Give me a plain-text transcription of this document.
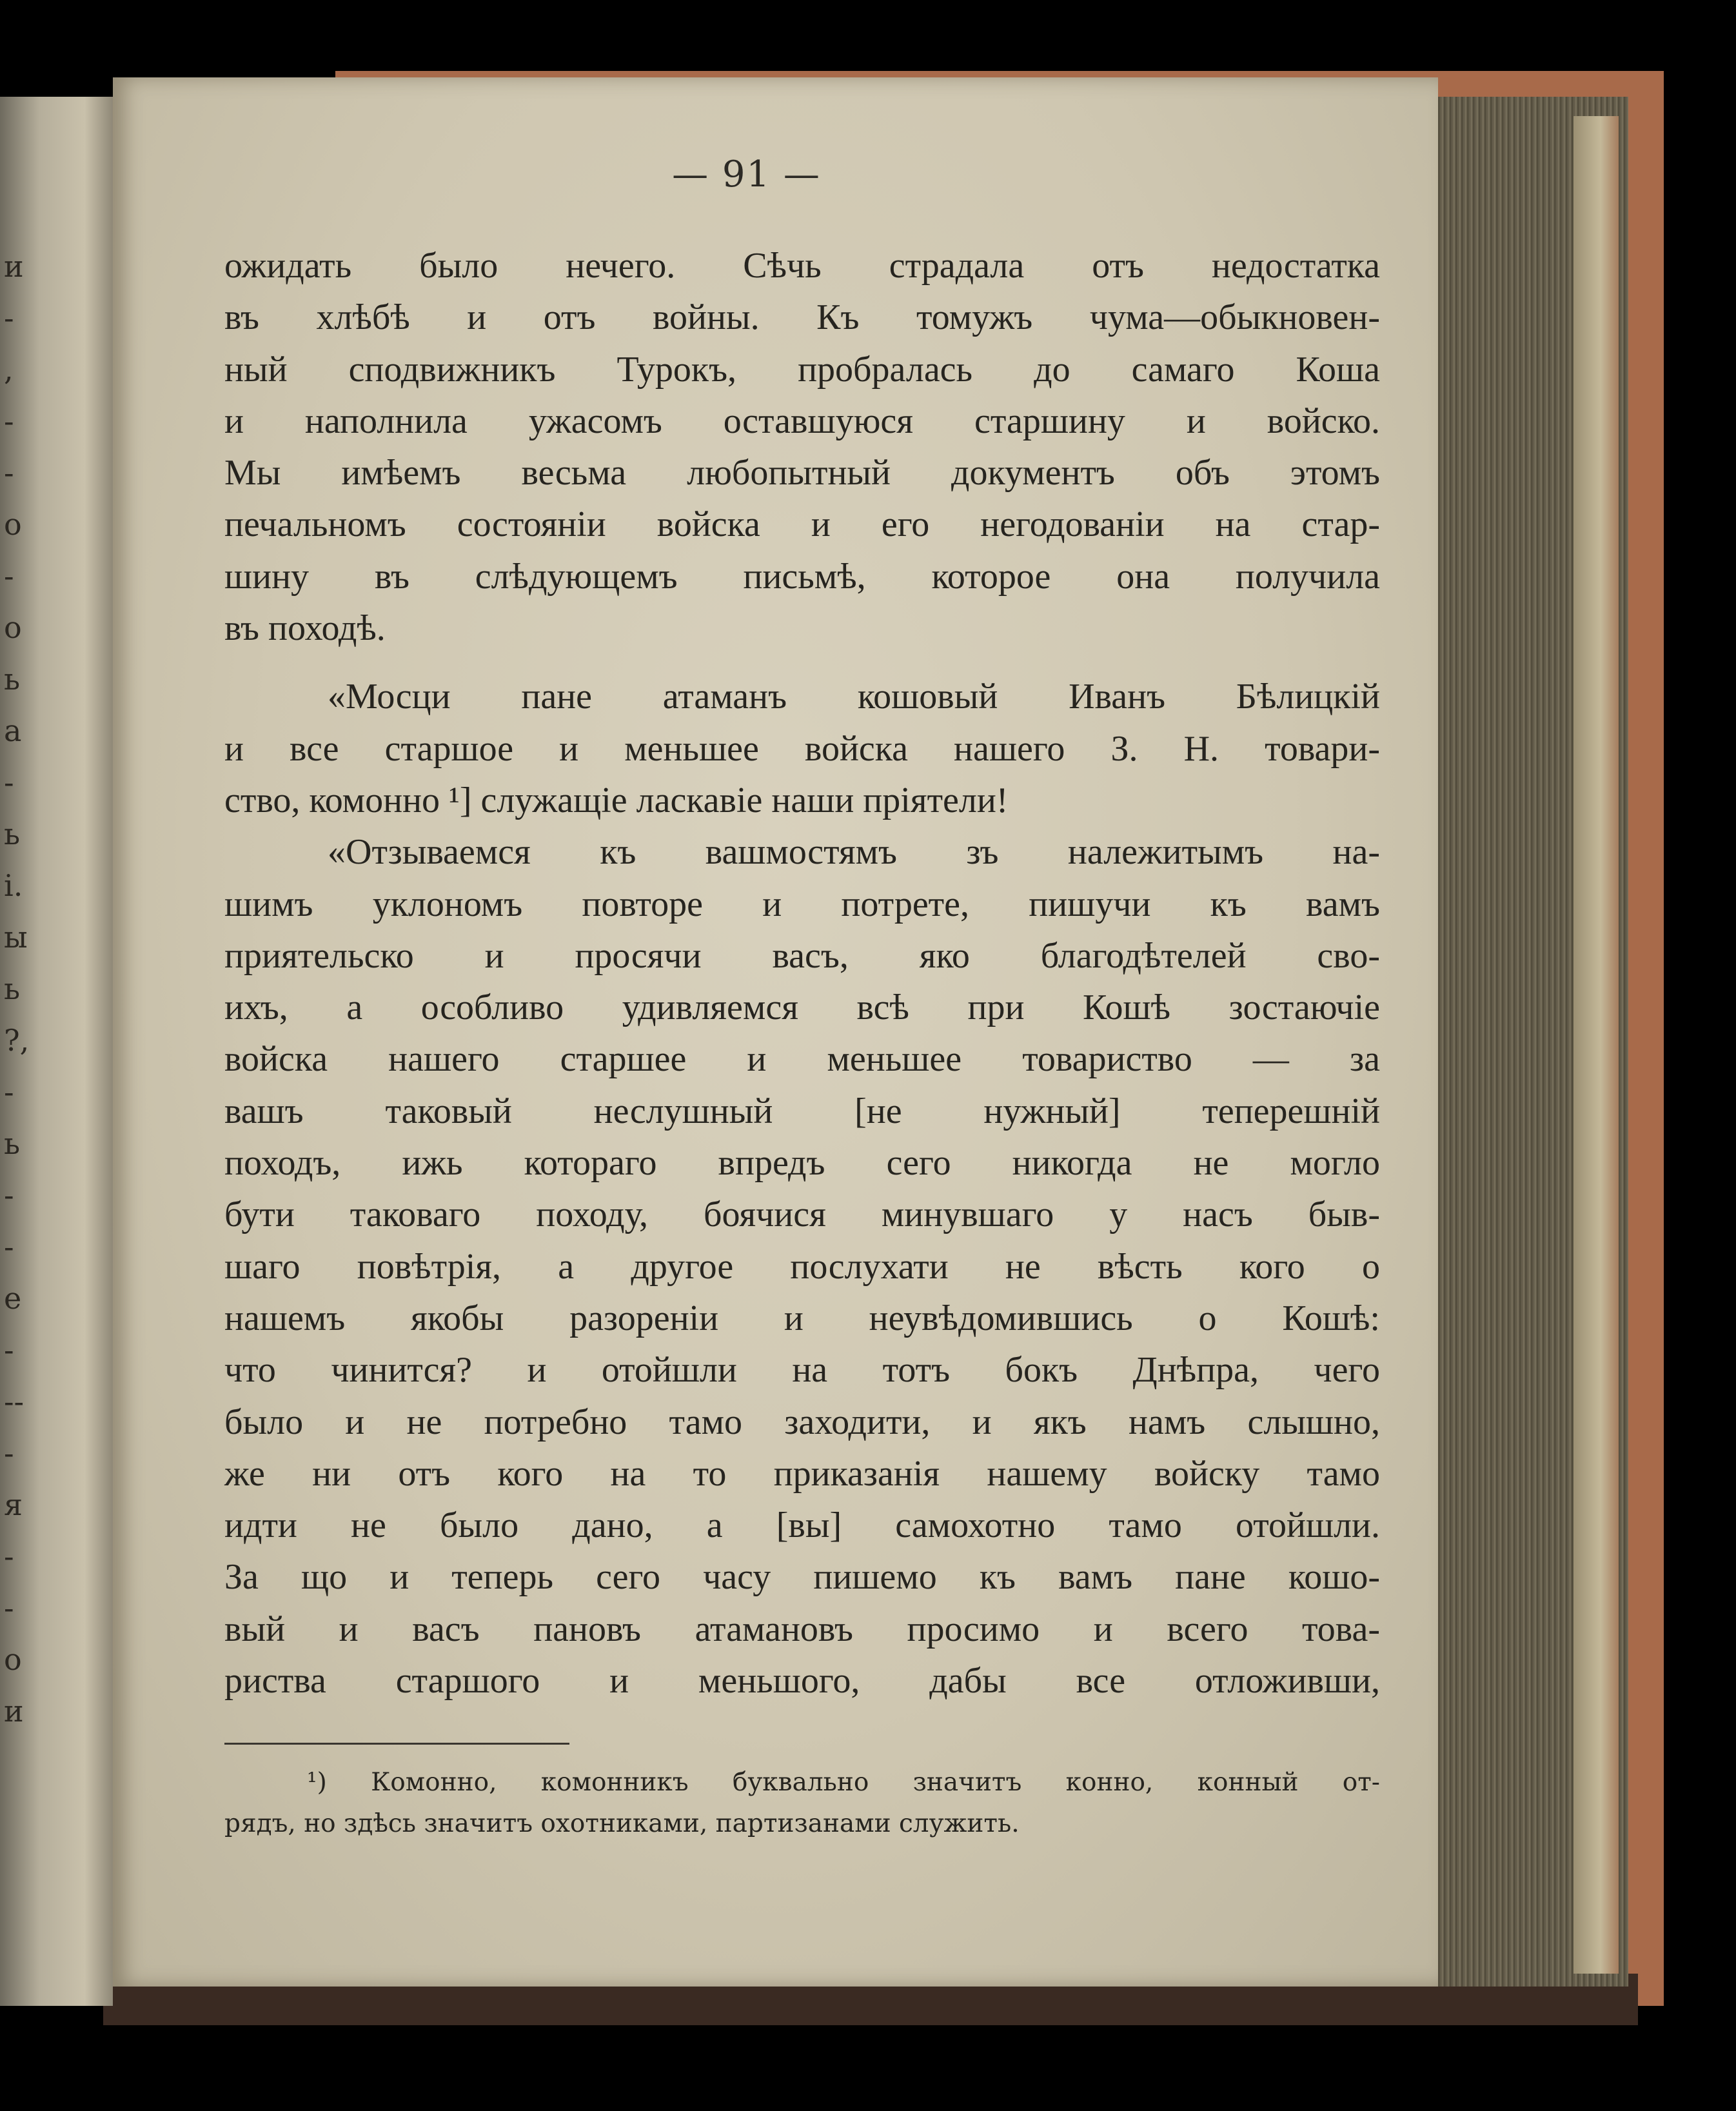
и
-
,
-
-
о
-
о
ь
а
-
ь
і.
ы
ь
?,
-
ь
-
-
е
-
--
-
я
-
-
о
и
— 91 —
ожидать было нечего. Сѣчь страдала отъ недостатка
въ хлѣбѣ и отъ войны. Къ томужъ чума—обыкновен-
ный сподвижникъ Турокъ, пробралась до самаго Коша
и наполнила ужасомъ оставшуюся старшину и войско.
Мы имѣемъ весьма любопытный документъ объ этомъ
печальномъ состояніи войска и его негодованіи на стар-
шину въ слѣдующемъ письмѣ, которое она получила
въ походѣ.
«Мосци пане атаманъ кошовый Иванъ Бѣлицкій
и все старшое и меньшее войска нашего З. Н. товари-
ство, комонно ¹] служащіе ласкавіе наши пріятели!
«Отзываемся къ вашмостямъ зъ належитымъ на-
шимъ уклономъ повторе и потрете, пишучи къ вамъ
приятельско и просячи васъ, яко благодѣтелей сво-
ихъ, а особливо удивляемся всѣ при Кошѣ зостаючіе
войска нашего старшее и меньшее товариство — за
вашъ таковый неслушный [не нужный] теперешній
походъ, ижь котораго впредъ сего никогда не могло
бути таковаго походу, боячися минувшаго у насъ быв-
шаго повѣтрія, а другое послухати не вѣсть кого о
нашемъ якобы разореніи и неувѣдомившись о Кошѣ:
что чинится? и отойшли на тотъ бокъ Днѣпра, чего
было и не потребно тамо заходити, и якъ намъ слышно,
же ни отъ кого на то приказанія нашему войску тамо
идти не было дано, а [вы] самохотно тамо отойшли.
За що и теперь сего часу пишемо къ вамъ пане кошо-
вый и васъ пановъ атамановъ просимо и всего това-
риства старшого и меньшого, дабы все отложивши,
¹) Комонно, комонникъ буквально значитъ конно, конный от-
рядъ, но здѣсь значитъ охотниками, партизанами служить.
